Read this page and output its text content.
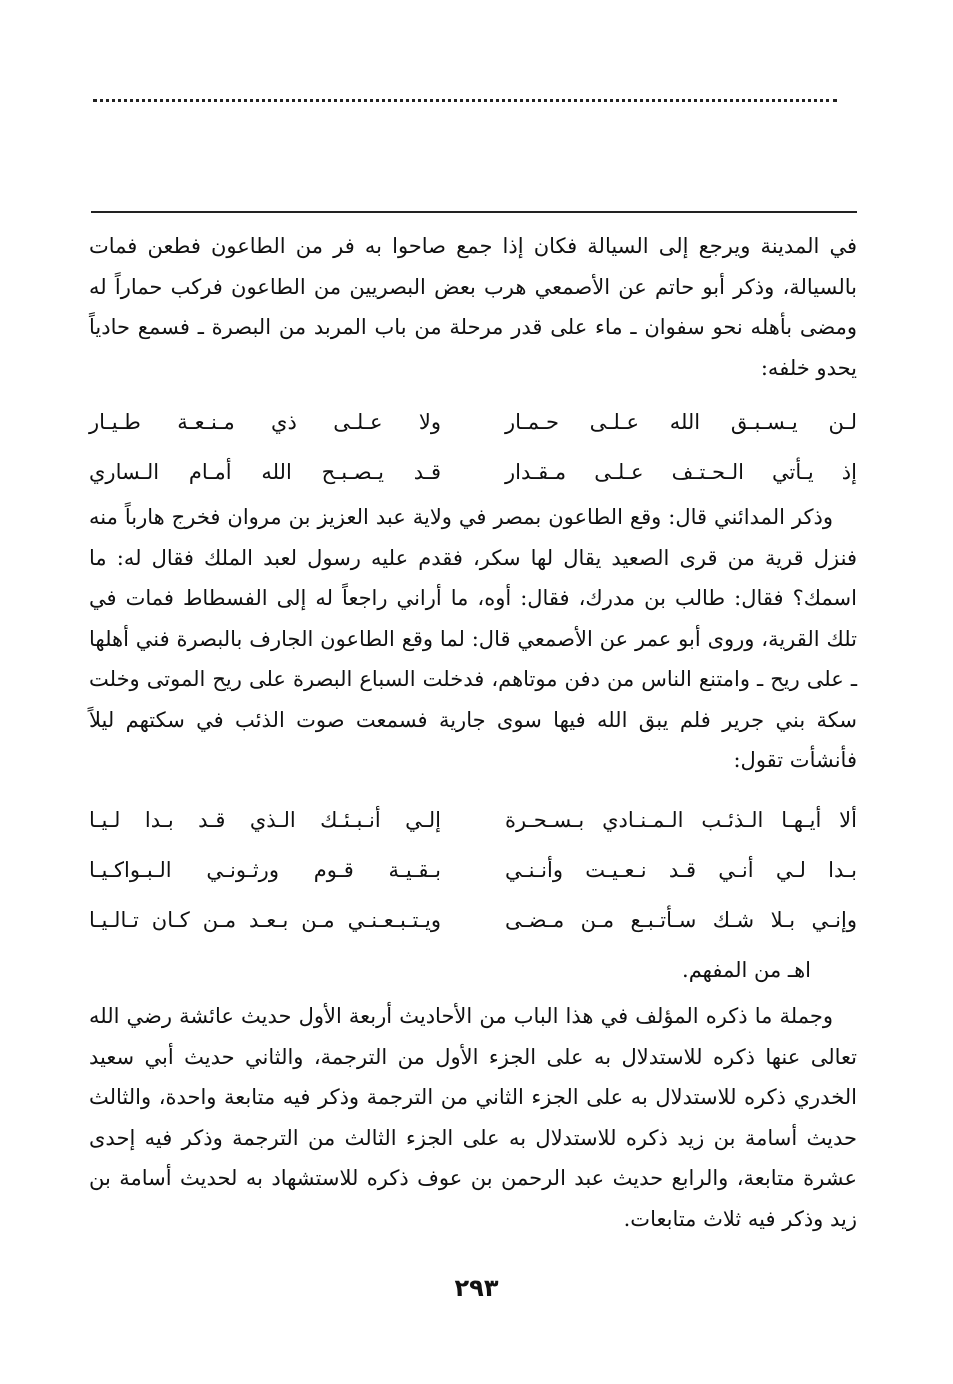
في المدينة ويرجع إلى السيالة فكان إذا جمع صاحوا به فر من الطاعون فطعن فمات بالسيالة، وذكر أبو حاتم عن الأصمعي هرب بعض البصريين من الطاعون فركب حماراً له ومضى بأهله نحو سفوان ـ ماء على قدر مرحلة من باب المربد من البصرة ـ فسمع حادياً يحدو خلفه:

لـن يـسـبـق الله عـلـى حـمـار
ولا عـلـى ذي مـنـعـة طـيـار
إذ يـأتي الـحـتـف عـلـى مـقـدار
قـد يـصـبـح الله أمـام الـساري

وذكر المدائني قال: وقع الطاعون بمصر في ولاية عبد العزيز بن مروان فخرج هارباً منه فنزل قرية من قرى الصعيد يقال لها سكر، فقدم عليه رسول لعبد الملك فقال له: ما اسمك؟ فقال: طالب بن مدرك، فقال: أوه، ما أراني راجعاً له إلى الفسطاط فمات في تلك القرية، وروى أبو عمر عن الأصمعي قال: لما وقع الطاعون الجارف بالبصرة فني أهلها ـ على ريح ـ وامتنع الناس من دفن موتاهم، فدخلت السباع البصرة على ريح الموتى وخلت سكة بني جرير فلم يبق الله فيها سوى جارية فسمعت صوت الذئب في سكتهم ليلاً فأنشأت تقول:

ألا أيـهـا الـذئـب الـمـنـادي بـسـحـرة
إلـي أنـبـئـك الـذي قـد بـدا لـيـا
بـدا لـي أنـي قـد نـعـيـت وأنـنـي
بـقـيـة قـوم ورثـونـي الـبـواكـيـا
وإنـي بـلا شـك سـأتـبـع مـن مـضـى
ويـتـبـعـنـي مـن بـعـد مـن كـان تـالـيـا
اهـ من المفهم.

وجملة ما ذكره المؤلف في هذا الباب من الأحاديث أربعة الأول حديث عائشة رضي الله تعالى عنها ذكره للاستدلال به على الجزء الأول من الترجمة، والثاني حديث أبي سعيد الخدري ذكره للاستدلال به على الجزء الثاني من الترجمة وذكر فيه متابعة واحدة، والثالث حديث أسامة بن زيد ذكره للاستدلال به على الجزء الثالث من الترجمة وذكر فيه إحدى عشرة متابعة، والرابع حديث عبد الرحمن بن عوف ذكره للاستشهاد به لحديث أسامة بن زيد وذكر فيه ثلاث متابعات.

٢٩٣
